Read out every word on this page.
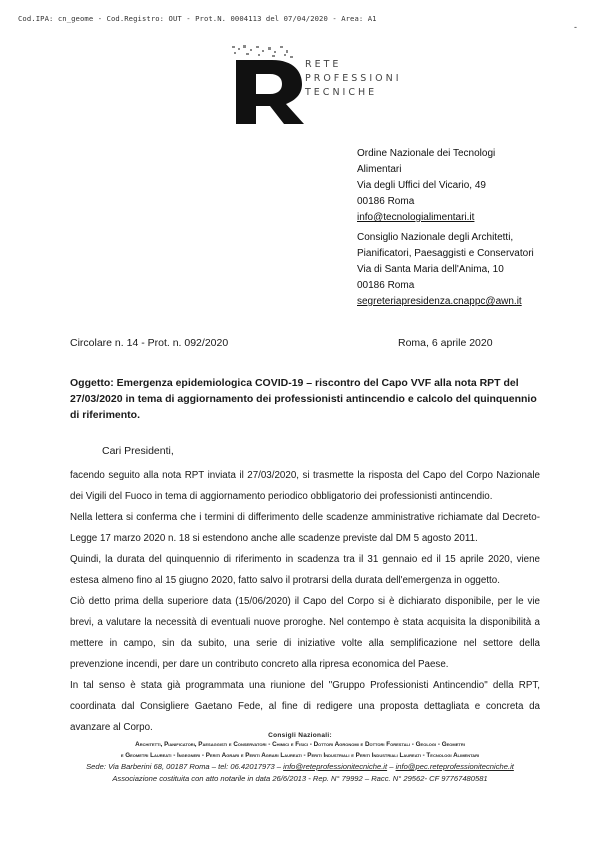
Cod.IPA: cn_geome - Cod.Registro: OUT - Prot.N. 0004113 del 07/04/2020 - Area: A1
-
RETE
PROFESSIONI
TECNICHE
Ordine Nazionale dei Tecnologi
Alimentari
Via degli Uffici del Vicario, 49
00186 Roma
info@tecnologialimentari.it
Consiglio Nazionale degli Architetti,
Pianificatori, Paesaggisti e Conservatori
Via di Santa Maria dell'Anima, 10
00186 Roma
segreteriapresidenza.cnappc@awn.it
Circolare n. 14 - Prot. n. 092/2020	Roma, 6 aprile 2020
Oggetto: Emergenza epidemiologica COVID-19 – riscontro del Capo VVF alla nota RPT del 27/03/2020 in tema di aggiornamento dei professionisti antincendio e calcolo del quinquennio di riferimento.
Cari Presidenti,

facendo seguito alla nota RPT inviata il 27/03/2020, si trasmette la risposta del Capo del Corpo Nazionale dei Vigili del Fuoco in tema di aggiornamento periodico obbligatorio dei professionisti antincendio.

Nella lettera si conferma che i termini di differimento delle scadenze amministrative richiamate dal Decreto-Legge 17 marzo 2020 n. 18 si estendono anche alle scadenze previste dal DM 5 agosto 2011.

Quindi, la durata del quinquennio di riferimento in scadenza tra il 31 gennaio ed il 15 aprile 2020, viene estesa almeno fino al 15 giugno 2020, fatto salvo il protrarsi della durata dell'emergenza in oggetto.

Ciò detto prima della superiore data (15/06/2020) il Capo del Corpo si è dichiarato disponibile, per le vie brevi, a valutare la necessità di eventuali nuove proroghe. Nel contempo è stata acquisita la disponibilità a mettere in campo, sin da subito, una serie di iniziative volte alla semplificazione nel settore della prevenzione incendi, per dare un contributo concreto alla ripresa economica del Paese.

In tal senso è stata già programmata una riunione del "Gruppo Professionisti Antincendio" della RPT, coordinata dal Consigliere Gaetano Fede, al fine di redigere una proposta dettagliata e concreta da avanzare al Corpo.

Consigli Nazionali:
Architetti, Pianificatori, Paesaggisti e Conservatori - Chimici e Fisici - Dottori Agronomi e Dottori Forestali - Geologi - Geometri
e Geometri Laureati - Ingegneri - Periti Agrari e Periti Agrari Laureati - Periti Industriali e Periti Industriali Laureati - Tecnologi Alimentari
Sede: Via Barberini 68, 00187 Roma – tel: 06.42017973 – info@reteprofessionitecniche.it – info@pec.reteprofessionitecniche.it
Associazione costituita con atto notarile in data 26/6/2013 - Rep. N° 79992 – Racc. N° 29562- CF 97767480581
